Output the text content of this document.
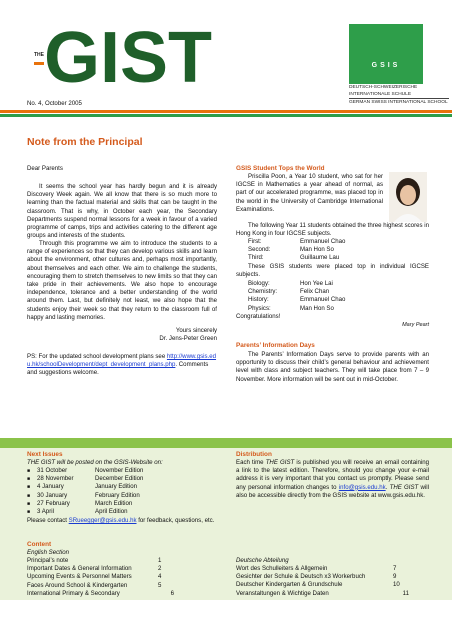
THE GIST	GSIS
DEUTSCH-SCHWEIZERISCHE INTERNATIONALE SCHULE
GERMAN SWISS INTERNATIONAL SCHOOL
No. 4, October 2005
Note from the Principal
Dear Parents
It seems the school year has hardly begun and it is already Discovery Week again. We all know that there is so much more to learning than the factual material and skills that can be taught in the classroom. That is why, in October each year, the Secondary Departments suspend normal lessons for a week in favour of a varied programme of camps, trips and activities catering to the different age groups and interests of the students.
Through this programme we aim to introduce the students to a range of experiences so that they can develop various skills and learn about the environment, other cultures and, perhaps most importantly, about themselves and each other. We aim to challenge the students, encouraging them to stretch themselves to new limits so that they can take pride in their achievements. We also hope to encourage independence, tolerance and a better understanding of the world around them. Last, but definitely not least, we also hope that the students enjoy their week so that they return to the classroom full of happy and lasting memories.
Yours sincerely
Dr. Jens-Peter Green
PS: For the updated school development plans see http://www.gsis.edu.hk/schoolDevelopment/dept_development_plans.php. Comments and suggestions welcome.
GSIS Student Tops the World
Priscilla Poon, a Year 10 student, who sat for her IGCSE in Mathematics a year ahead of normal, as part of our accelerated programme, was placed top in the world in the University of Cambridge International Examinations.
The following Year 11 students obtained the three highest scores in Hong Kong in four IGCSE subjects.
First:	Emmanuel Chao
Second:	Man Hon So
Third:	Guillaume Lau
These GSIS students were placed top in individual IGCSE subjects.
Biology:	Hon Yee Lai
Chemistry:	Felix Chan
History:	Emmanuel Chao
Physics:	Man Hon So
Congratulations!
Mary Peart
Parents’ Information Days
The Parents’ Information Days serve to provide parents with an opportunity to discuss their child’s general behaviour and achievement level with class and subject teachers. They will take place from 7 – 9 November. More information will be sent out in mid-October.
Next Issues
THE GIST will be posted on the GSIS-Website on:
■	31 October	November Edition
■	28 November	December Edition
■	4 January	January Edition
■	30 January	February Edition
■	27 February	March Edition
■	3 April	April Edition
Please contact SRueegger@gsis.edu.hk for feedback, questions, etc.
Distribution
Each time THE GIST is published you will receive an email containing a link to the latest edition. Therefore, should you change your e-mail address it is very important that you contact us promptly. Please send any personal information changes to info@gsis.edu.hk. THE GIST will also be accessible directly from the GSIS website at www.gsis.edu.hk.
Content
English Section
Principal’s note	1
Important Dates & General Information	2
Upcoming Events & Personnel Matters	4
Faces Around School & Kindergarten	5
International Primary & Secondary	6
Deutsche Abteilung
Wort des Schulleiters & Allgemein	7
Gesichter der Schule & Deutsch x3 Workerbuch	9
Deutscher Kindergarten & Grundschule	10
Veranstaltungen & Wichtige Daten	11
